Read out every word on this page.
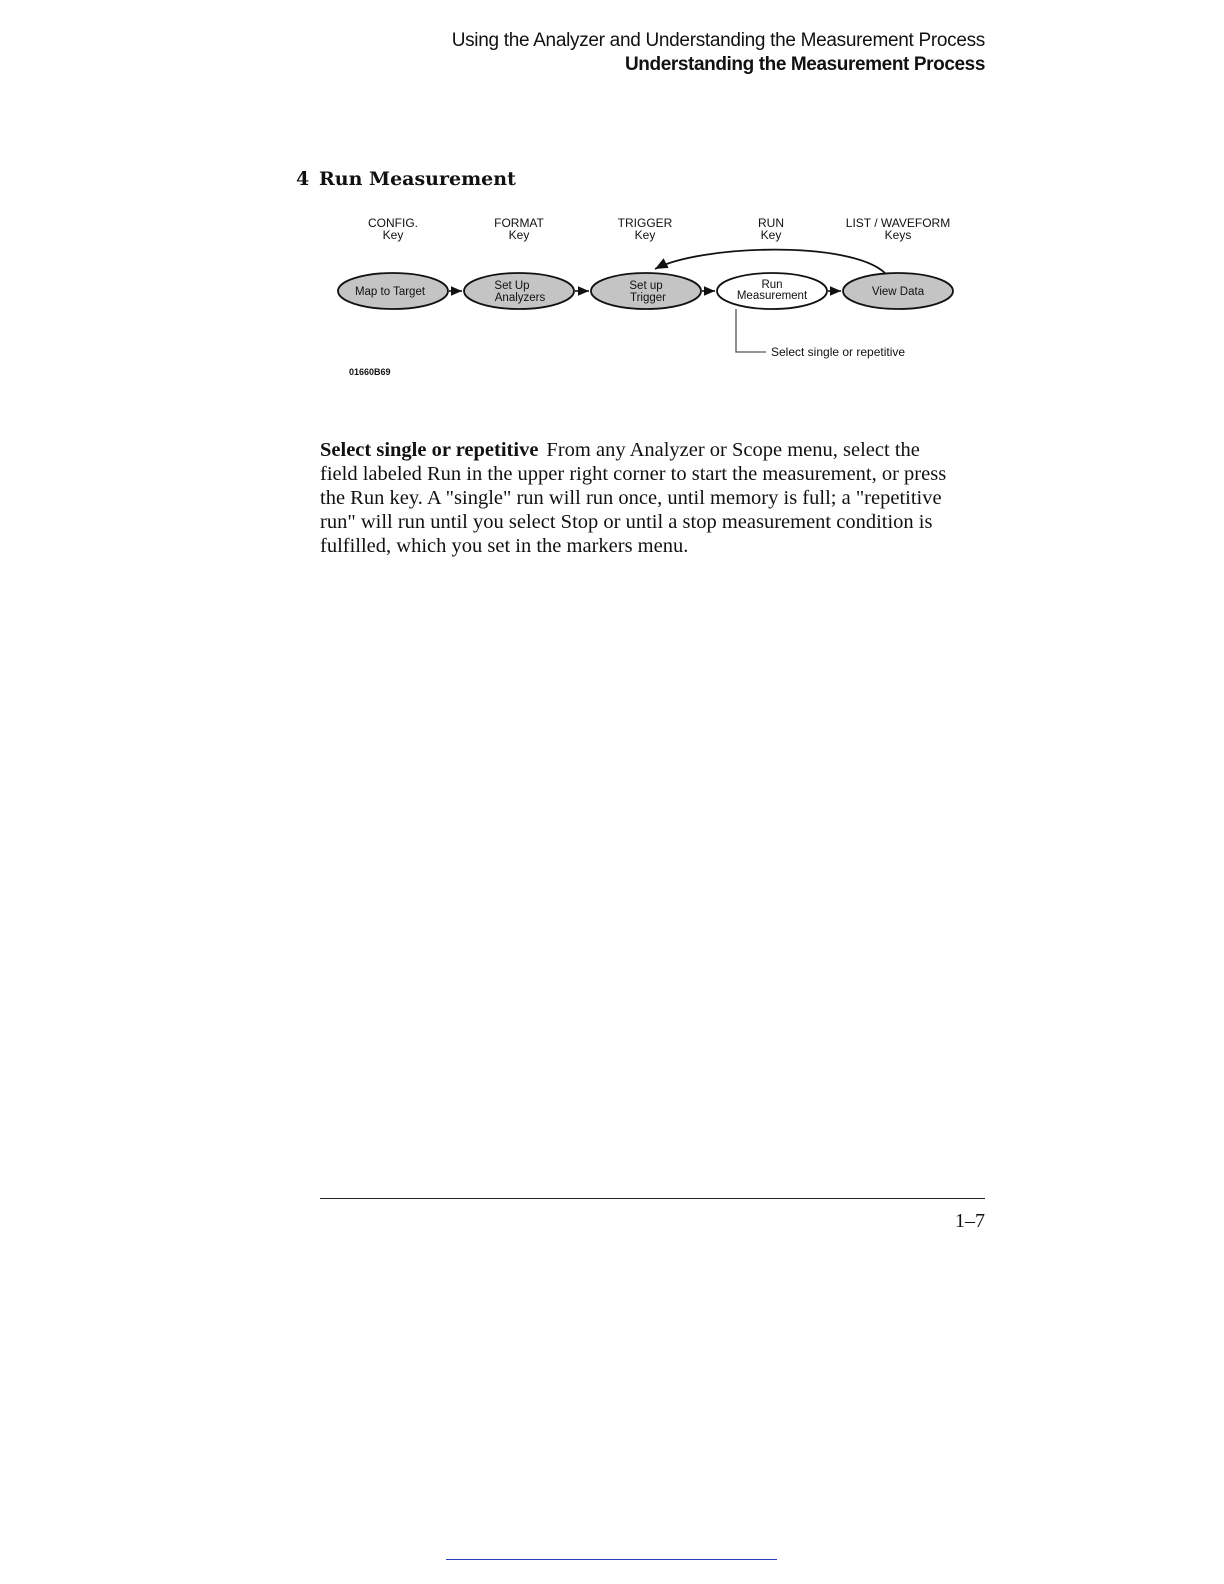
Using the Analyzer and Understanding the Measurement Process
Understanding the Measurement Process
4 Run Measurement
CONFIG.
Key
FORMAT
Key
TRIGGER
Key
RUN
Key
LIST / WAVEFORM
Keys
Map to Target	Set Up
Analyzers
Set up
Trigger
Run
Measurement	View Data
Select single or repetitive
01660B69
Select single or repetitive From any Analyzer or Scope menu, select the field labeled Run in the upper right corner to start the measurement, or press the Run key. A "single" run will run once, until memory is full; a "repetitive run" will run until you select Stop or until a stop measurement condition is fulfilled, which you set in the markers menu.
1–7
